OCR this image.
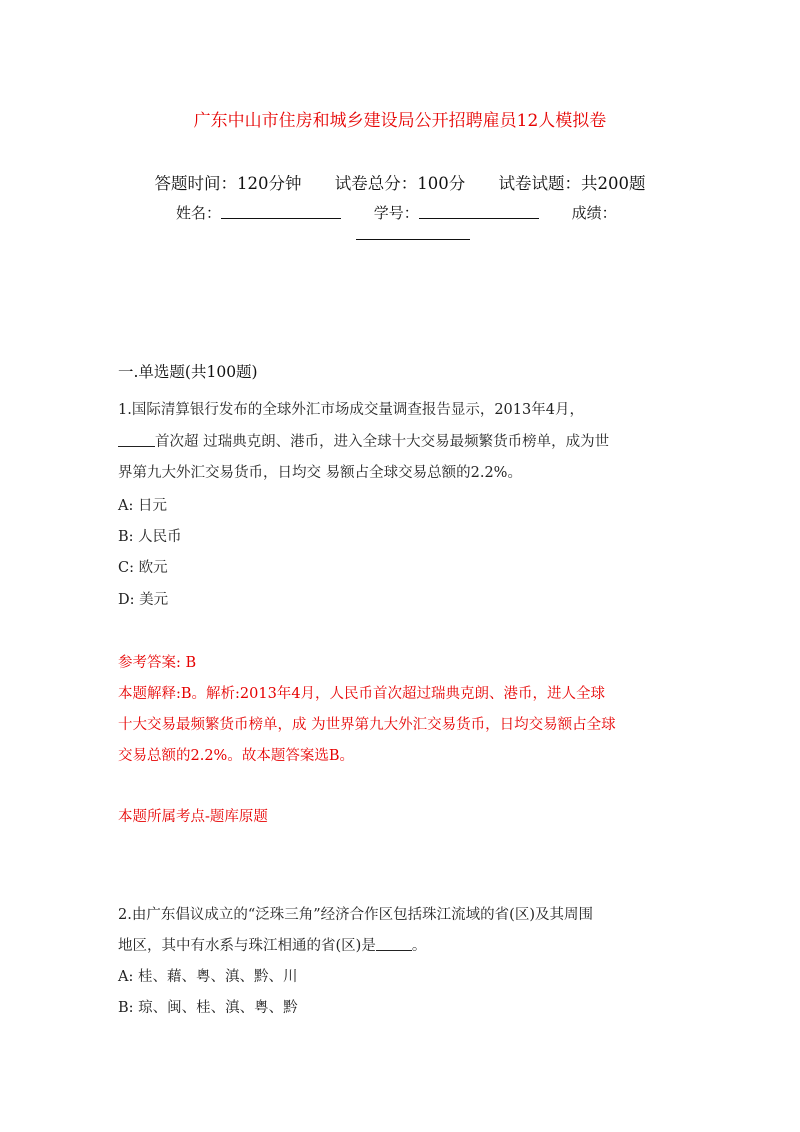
广东中山市住房和城乡建设局公开招聘雇员12人模拟卷
答题时间：120分钟 试卷总分：100分 试卷试题：共200题
姓名：	学号：	成绩：
一.单选题(共100题)
1.国际清算银行发布的全球外汇市场成交量调查报告显示，2013年4月，
首次超 过瑞典克朗、港币，进入全球十大交易最频繁货币榜单，成为世
界第九大外汇交易货币，日均交 易额占全球交易总额的2.2%。
A: 日元
B: 人民币
C: 欧元
D: 美元
参考答案: B
本题解释:B。解析:2013年4月，人民币首次超过瑞典克朗、港币，进人全球
十大交易最频繁货币榜单，成 为世界第九大外汇交易货币，日均交易额占全球
交易总额的2.2%。故本题答案选B。
本题所属考点-题库原题
2.由广东倡议成立的“泛珠三角”经济合作区包括珠江流域的省(区)及其周围
地区，其中有水系与珠江相通的省(区)是 。
A: 桂、藉、粤、滇、黔、川
B: 琼、闽、桂、滇、粤、黔
